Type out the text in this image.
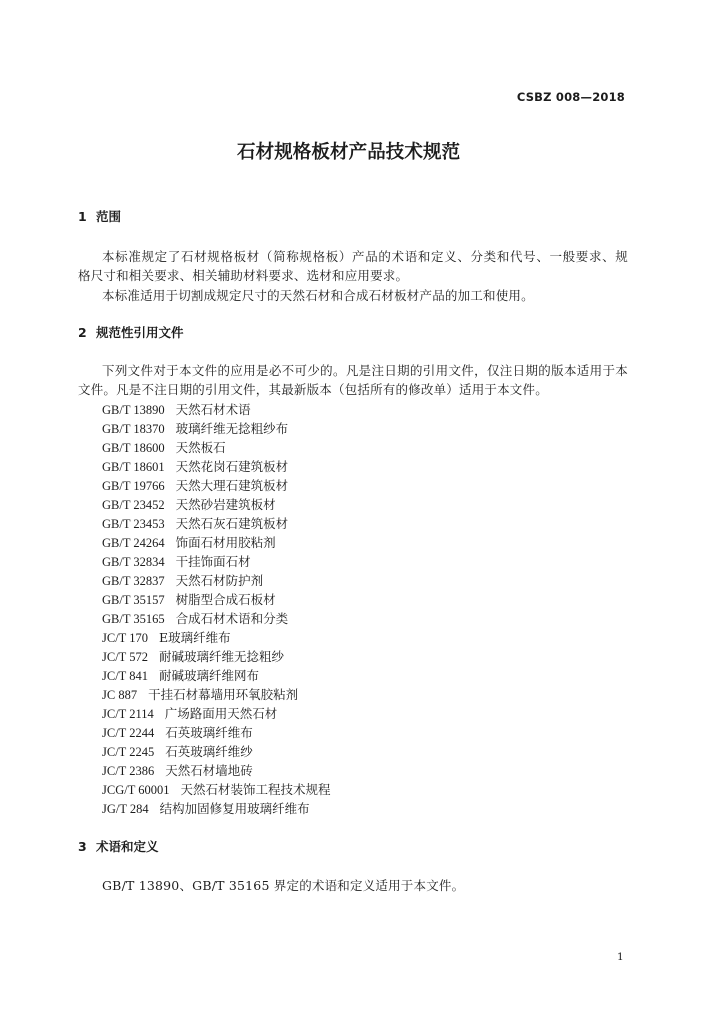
CSBZ 008—2018
石材规格板材产品技术规范
1 范围
本标准规定了石材规格板材（简称规格板）产品的术语和定义、分类和代号、一般要求、规
格尺寸和相关要求、相关辅助材料要求、选材和应用要求。
本标准适用于切割成规定尺寸的天然石材和合成石材板材产品的加工和使用。
2 规范性引用文件
下列文件对于本文件的应用是必不可少的。凡是注日期的引用文件，仅注日期的版本适用于本
文件。凡是不注日期的引用文件，其最新版本（包括所有的修改单）适用于本文件。
GB/T 13890 天然石材术语
GB/T 18370 玻璃纤维无捻粗纱布
GB/T 18600 天然板石
GB/T 18601 天然花岗石建筑板材
GB/T 19766 天然大理石建筑板材
GB/T 23452 天然砂岩建筑板材
GB/T 23453 天然石灰石建筑板材
GB/T 24264 饰面石材用胶粘剂
GB/T 32834 干挂饰面石材
GB/T 32837 天然石材防护剂
GB/T 35157 树脂型合成石板材
GB/T 35165 合成石材术语和分类
JC/T 170 E玻璃纤维布
JC/T 572 耐碱玻璃纤维无捻粗纱
JC/T 841 耐碱玻璃纤维网布
JC 887 干挂石材幕墙用环氧胶粘剂
JC/T 2114 广场路面用天然石材
JC/T 2244 石英玻璃纤维布
JC/T 2245 石英玻璃纤维纱
JC/T 2386 天然石材墙地砖
JCG/T 60001 天然石材装饰工程技术规程
JG/T 284 结构加固修复用玻璃纤维布
3 术语和定义
GB/T 13890、GB/T 35165 界定的术语和定义适用于本文件。
1
